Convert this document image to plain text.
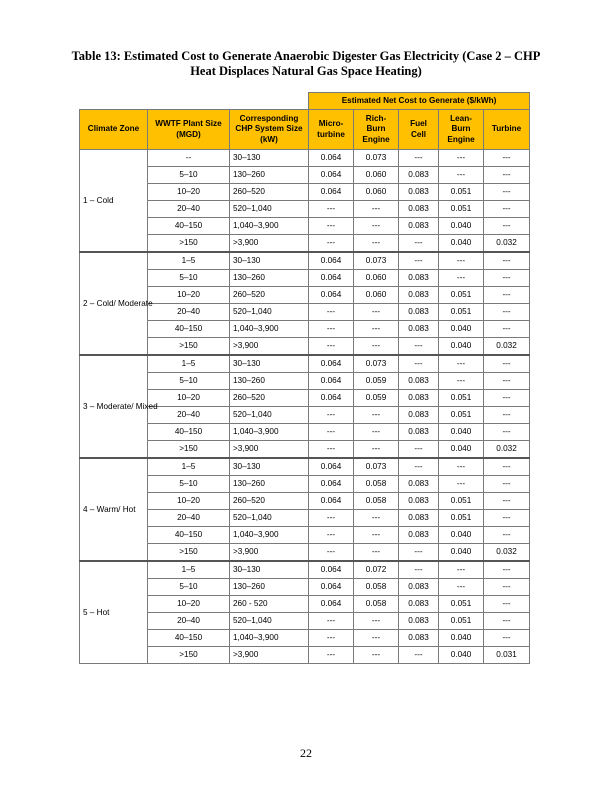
Table 13: Estimated Cost to Generate Anaerobic Digester Gas Electricity (Case 2 – CHP
Heat Displaces Natural Gas Space Heating)
			Estimated Net Cost to Generate ($/kWh)				
Climate Zone	WWTF Plant Size (MGD)	Corresponding CHP System Size (kW)	Micro-turbine	Rich-Burn Engine	Fuel Cell	Lean-Burn Engine	Turbine
1 – Cold	--	30–130	0.064	0.073	---	---	---
	5–10	130–260	0.064	0.060	0.083	---	---
	10–20	260–520	0.064	0.060	0.083	0.051	---
	20–40	520–1,040	---	---	0.083	0.051	---
	40–150	1,040–3,900	---	---	0.083	0.040	---
	>150	>3,900	---	---	---	0.040	0.032
2 – Cold/ Moderate	1–5	30–130	0.064	0.073	---	---	---
	5–10	130–260	0.064	0.060	0.083	---	---
	10–20	260–520	0.064	0.060	0.083	0.051	---
	20–40	520–1,040	---	---	0.083	0.051	---
	40–150	1,040–3,900	---	---	0.083	0.040	---
	>150	>3,900	---	---	---	0.040	0.032
3 – Moderate/ Mixed	1–5	30–130	0.064	0.073	---	---	---
	5–10	130–260	0.064	0.059	0.083	---	---
	10–20	260–520	0.064	0.059	0.083	0.051	---
	20–40	520–1,040	---	---	0.083	0.051	---
	40–150	1,040–3,900	---	---	0.083	0.040	---
	>150	>3,900	---	---	---	0.040	0.032
4 – Warm/ Hot	1–5	30–130	0.064	0.073	---	---	---
	5–10	130–260	0.064	0.058	0.083	---	---
	10–20	260–520	0.064	0.058	0.083	0.051	---
	20–40	520–1,040	---	---	0.083	0.051	---
	40–150	1,040–3,900	---	---	0.083	0.040	---
	>150	>3,900	---	---	---	0.040	0.032
5 – Hot	1–5	30–130	0.064	0.072	---	---	---
	5–10	130–260	0.064	0.058	0.083	---	---
	10–20	260 - 520	0.064	0.058	0.083	0.051	---
	20–40	520–1,040	---	---	0.083	0.051	---
	40–150	1,040–3,900	---	---	0.083	0.040	---
	>150	>3,900	---	---	---	0.040	0.031
22
